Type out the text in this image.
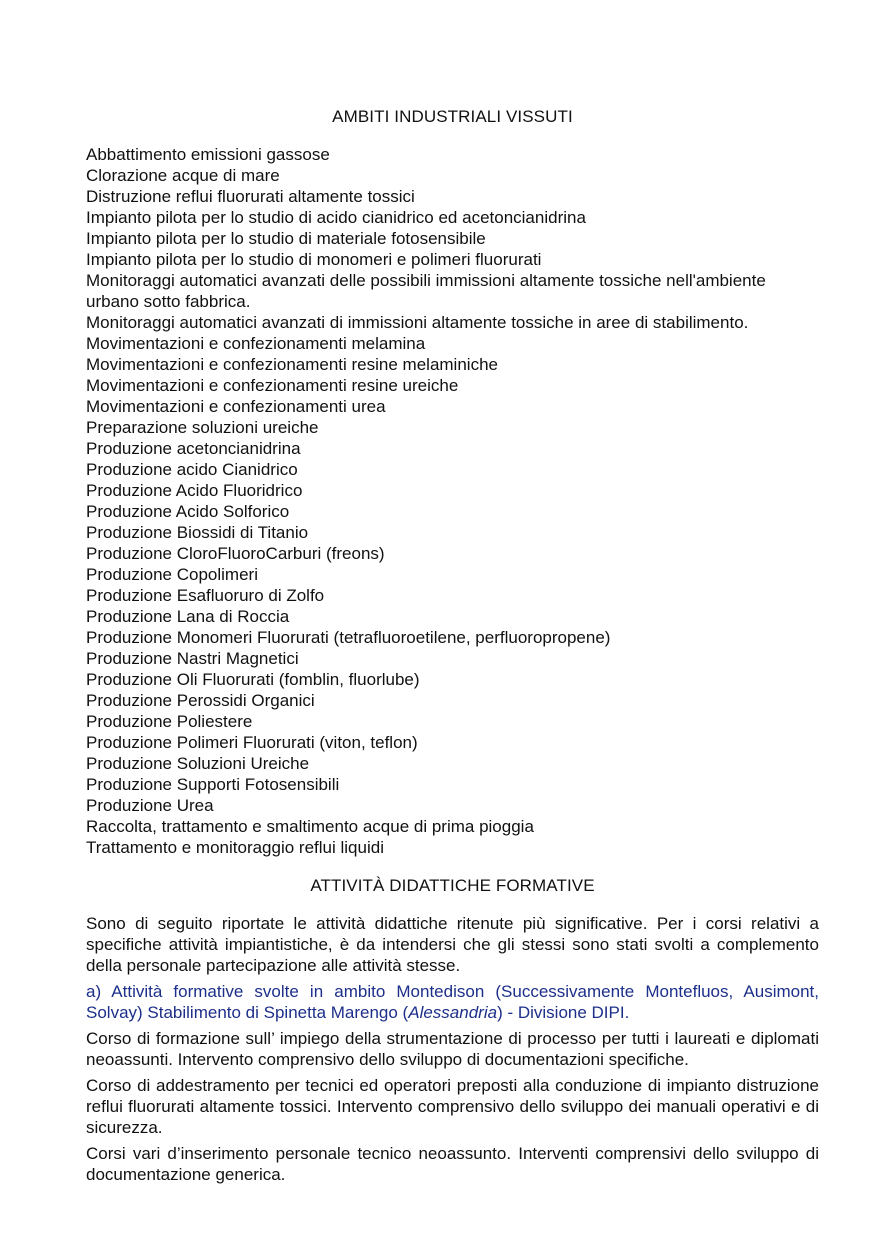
AMBITI INDUSTRIALI VISSUTI
Abbattimento emissioni gassose
Clorazione acque di mare
Distruzione reflui fluorurati altamente tossici
Impianto pilota per lo studio di acido cianidrico ed acetoncianidrina
Impianto pilota per lo studio di materiale fotosensibile
Impianto pilota per lo studio di monomeri e polimeri fluorurati
Monitoraggi automatici avanzati delle possibili immissioni altamente tossiche nell'ambiente urbano sotto fabbrica.
Monitoraggi automatici avanzati di immissioni altamente tossiche in aree di stabilimento.
Movimentazioni e confezionamenti melamina
Movimentazioni e confezionamenti resine melaminiche
Movimentazioni e confezionamenti resine ureiche
Movimentazioni e confezionamenti urea
Preparazione soluzioni ureiche
Produzione acetoncianidrina
Produzione acido Cianidrico
Produzione Acido Fluoridrico
Produzione Acido Solforico
Produzione Biossidi di Titanio
Produzione CloroFluoroCarburi (freons)
Produzione Copolimeri
Produzione Esafluoruro di Zolfo
Produzione Lana di Roccia
Produzione Monomeri Fluorurati (tetrafluoroetilene, perfluoropropene)
Produzione Nastri Magnetici
Produzione Oli Fluorurati (fomblin, fluorlube)
Produzione Perossidi Organici
Produzione Poliestere
Produzione Polimeri Fluorurati (viton, teflon)
Produzione Soluzioni Ureiche
Produzione Supporti Fotosensibili
Produzione Urea
Raccolta, trattamento e smaltimento acque di prima pioggia
Trattamento e monitoraggio reflui liquidi
ATTIVITÀ DIDATTICHE FORMATIVE

Sono di seguito riportate le attività didattiche ritenute più significative. Per i corsi relativi a specifiche attività impiantistiche, è da intendersi che gli stessi sono stati svolti a complemento della personale partecipazione alle attività stesse.

a) Attività formative svolte in ambito Montedison (Successivamente Montefluos, Ausimont, Solvay) Stabilimento di Spinetta Marengo (Alessandria) - Divisione DIPI.

Corso di formazione sull’ impiego della strumentazione di processo per tutti i laureati e diplomati neoassunti. Intervento comprensivo dello sviluppo di documentazioni specifiche.

Corso di addestramento per tecnici ed operatori preposti alla conduzione di impianto distruzione reflui fluorurati altamente tossici. Intervento comprensivo dello sviluppo dei manuali operativi e di sicurezza.

Corsi vari d’inserimento personale tecnico neoassunto. Interventi comprensivi dello sviluppo di documentazione generica.
